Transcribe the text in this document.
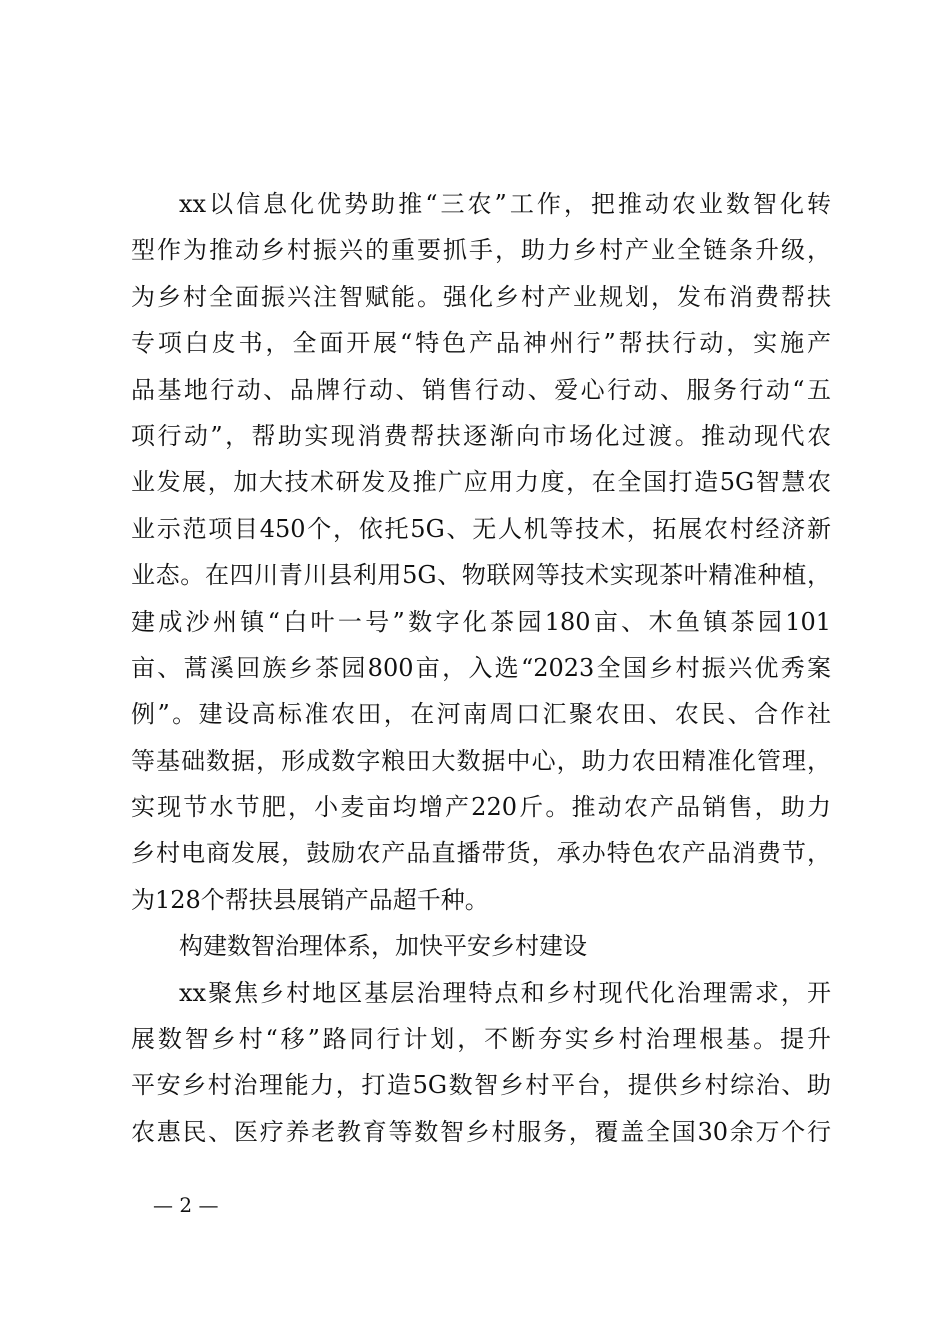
xx以信息化优势助推“三农”工作，把推动农业数智化转
型作为推动乡村振兴的重要抓手，助力乡村产业全链条升级，
为乡村全面振兴注智赋能。强化乡村产业规划，发布消费帮扶
专项白皮书，全面开展“特色产品神州行”帮扶行动，实施产
品基地行动、品牌行动、销售行动、爱心行动、服务行动“五
项行动”，帮助实现消费帮扶逐渐向市场化过渡。推动现代农
业发展，加大技术研发及推广应用力度，在全国打造5G智慧农
业示范项目450个，依托5G、无人机等技术，拓展农村经济新
业态。在四川青川县利用5G、物联网等技术实现茶叶精准种植，
建成沙州镇“白叶一号”数字化茶园180亩、木鱼镇茶园101
亩、蒿溪回族乡茶园800亩，入选“2023全国乡村振兴优秀案
例”。建设高标准农田，在河南周口汇聚农田、农民、合作社
等基础数据，形成数字粮田大数据中心，助力农田精准化管理，
实现节水节肥，小麦亩均增产220斤。推动农产品销售，助力
乡村电商发展，鼓励农产品直播带货，承办特色农产品消费节，
为128个帮扶县展销产品超千种。
构建数智治理体系，加快平安乡村建设
xx聚焦乡村地区基层治理特点和乡村现代化治理需求，开
展数智乡村“移”路同行计划，不断夯实乡村治理根基。提升
平安乡村治理能力，打造5G数智乡村平台，提供乡村综治、助
农惠民、医疗养老教育等数智乡村服务，覆盖全国30余万个行
— 2 —
